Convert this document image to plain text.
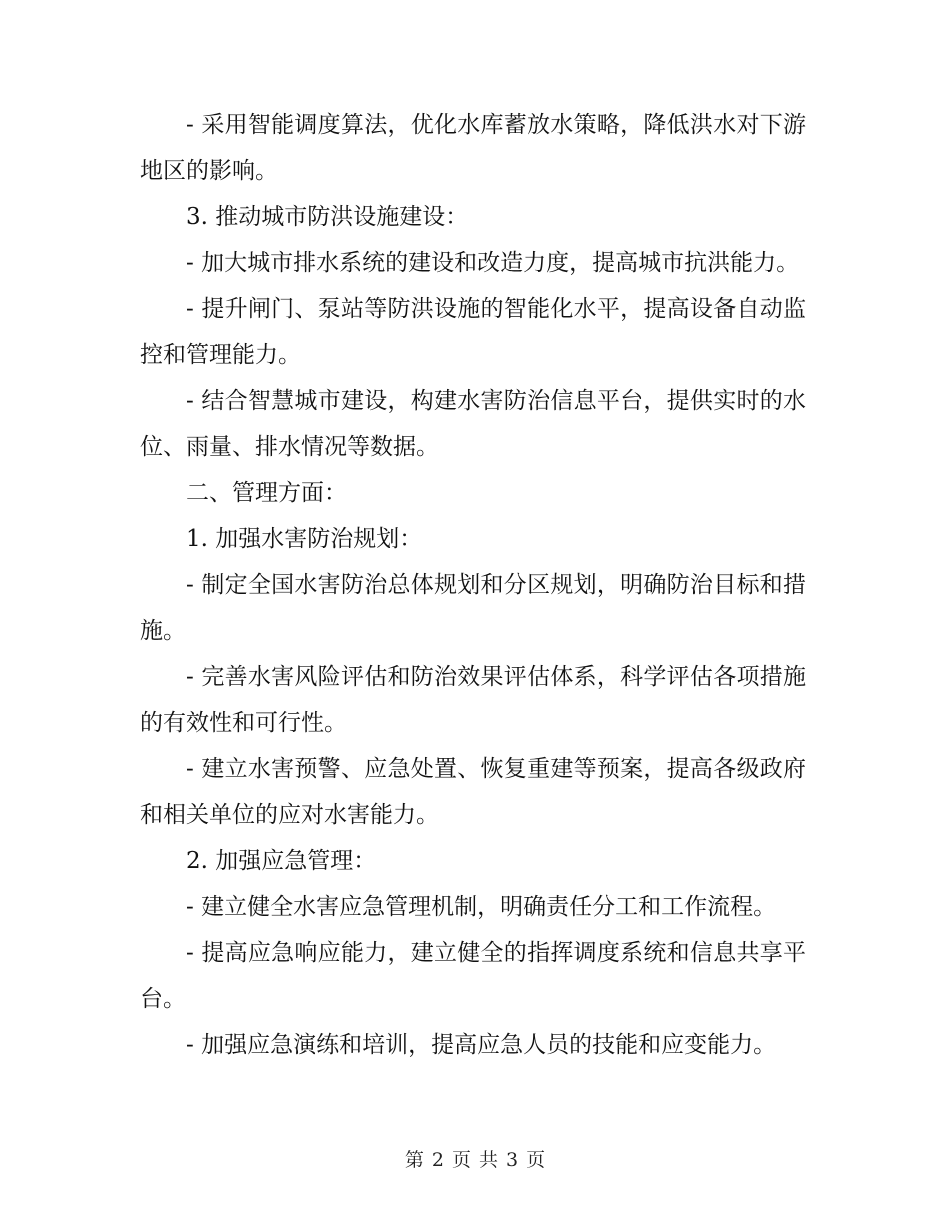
- 采用智能调度算法，优化水库蓄放水策略，降低洪水对下游地区的影响。

3. 推动城市防洪设施建设：

- 加大城市排水系统的建设和改造力度，提高城市抗洪能力。

- 提升闸门、泵站等防洪设施的智能化水平，提高设备自动监控和管理能力。

- 结合智慧城市建设，构建水害防治信息平台，提供实时的水位、雨量、排水情况等数据。

二、管理方面：

1. 加强水害防治规划：

- 制定全国水害防治总体规划和分区规划，明确防治目标和措施。

- 完善水害风险评估和防治效果评估体系，科学评估各项措施的有效性和可行性。

- 建立水害预警、应急处置、恢复重建等预案，提高各级政府和相关单位的应对水害能力。

2. 加强应急管理：

- 建立健全水害应急管理机制，明确责任分工和工作流程。

- 提高应急响应能力，建立健全的指挥调度系统和信息共享平台。

- 加强应急演练和培训，提高应急人员的技能和应变能力。

第 2 页 共 3 页
